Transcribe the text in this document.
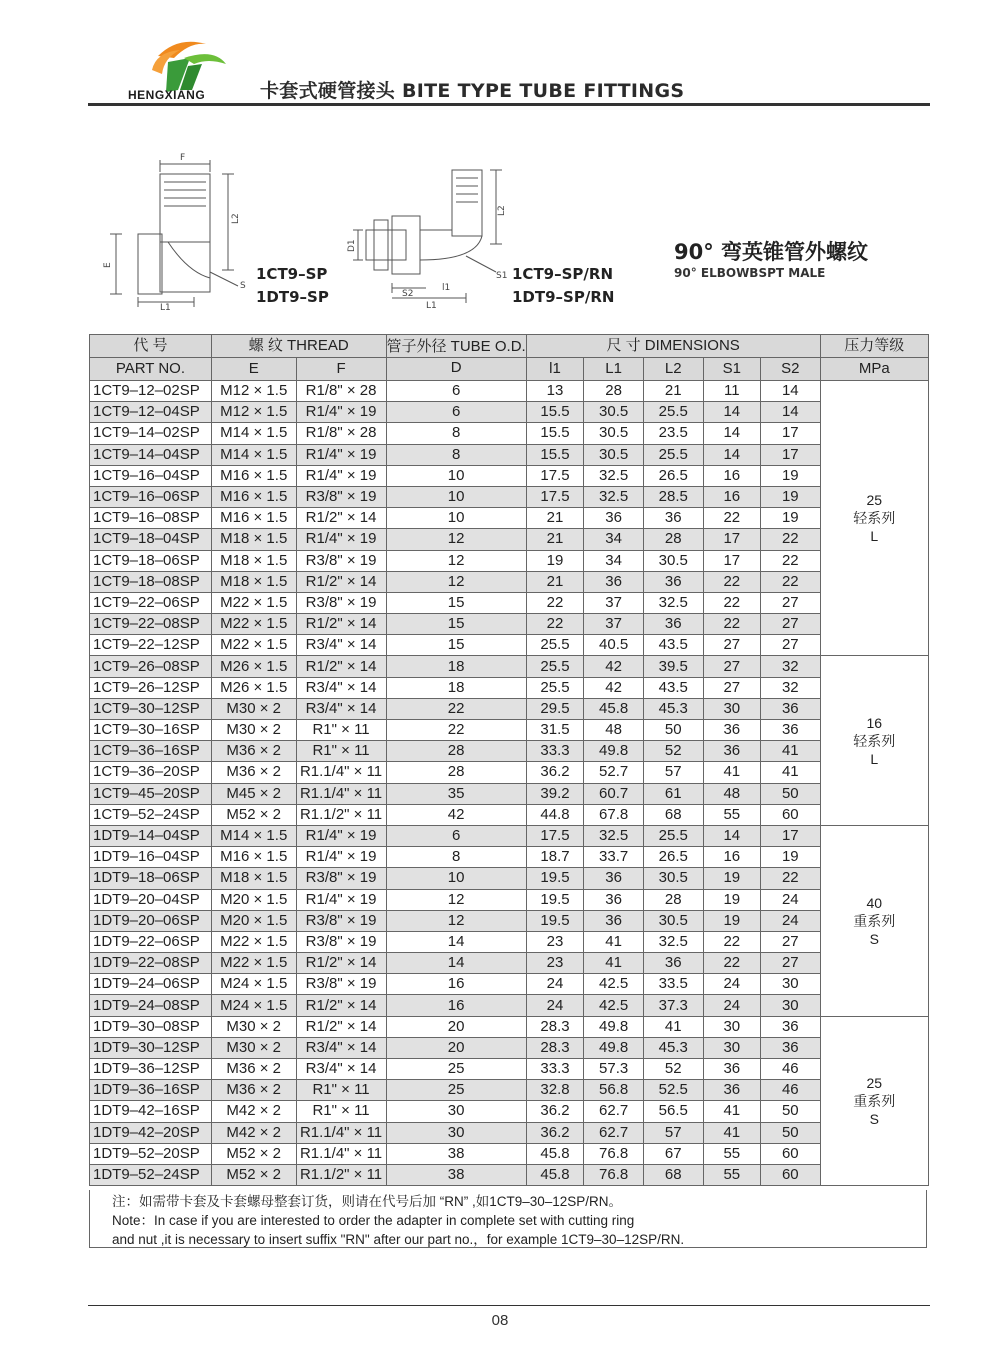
HENGXIANG	卡套式硬管接头 BITE TYPE TUBE FITTINGS
F
L2
E
S
L1
1CT9–SP
1DT9–SP
L2
D1
S2
l1
L1
S1 1CT9–SP/RN
1DT9–SP/RN
90° 弯英锥管外螺纹
90° ELBOWBSPT MALE
代 号	螺 纹 THREAD		管子外径 TUBE O.D.
D	尺 寸 DIMENSIONS					压力等级
PART NO.	E	F		l1	L1	L2	S1	S2	MPa
1CT9–12–02SP	M12 × 1.5	R1/8" × 28	6	13	28	21	11	14	25
轻系列
L

1CT9–12–04SP	M12 × 1.5	R1/4" × 19	6	15.5	30.5	25.5	14	14	
1CT9–14–02SP	M14 × 1.5	R1/8" × 28	8	15.5	30.5	23.5	14	17	
1CT9–14–04SP	M14 × 1.5	R1/4" × 19	8	15.5	30.5	25.5	14	17	
1CT9–16–04SP	M16 × 1.5	R1/4" × 19	10	17.5	32.5	26.5	16	19	
1CT9–16–06SP	M16 × 1.5	R3/8" × 19	10	17.5	32.5	28.5	16	19	
1CT9–16–08SP	M16 × 1.5	R1/2" × 14	10	21	36	36	22	19	
1CT9–18–04SP	M18 × 1.5	R1/4" × 19	12	21	34	28	17	22	
1CT9–18–06SP	M18 × 1.5	R3/8" × 19	12	19	34	30.5	17	22	
1CT9–18–08SP	M18 × 1.5	R1/2" × 14	12	21	36	36	22	22	
1CT9–22–06SP	M22 × 1.5	R3/8" × 19	15	22	37	32.5	22	27	
1CT9–22–08SP	M22 × 1.5	R1/2" × 14	15	22	37	36	22	27	
1CT9–22–12SP	M22 × 1.5	R3/4" × 14	15	25.5	40.5	43.5	27	27	
1CT9–26–08SP	M26 × 1.5	R1/2" × 14	18	25.5	42	39.5	27	32	16
轻系列
L

1CT9–26–12SP	M26 × 1.5	R3/4" × 14	18	25.5	42	43.5	27	32	
1CT9–30–12SP	M30 × 2	R3/4" × 14	22	29.5	45.8	45.3	30	36	
1CT9–30–16SP	M30 × 2	R1" × 11	22	31.5	48	50	36	36	
1CT9–36–16SP	M36 × 2	R1" × 11	28	33.3	49.8	52	36	41	
1CT9–36–20SP	M36 × 2	R1.1/4" × 11	28	36.2	52.7	57	41	41	
1CT9–45–20SP	M45 × 2	R1.1/4" × 11	35	39.2	60.7	61	48	50	
1CT9–52–24SP	M52 × 2	R1.1/2" × 11	42	44.8	67.8	68	55	60	
1DT9–14–04SP	M14 × 1.5	R1/4" × 19	6	17.5	32.5	25.5	14	17	40
重系列
S

1DT9–16–04SP	M16 × 1.5	R1/4" × 19	8	18.7	33.7	26.5	16	19	
1DT9–18–06SP	M18 × 1.5	R3/8" × 19	10	19.5	36	30.5	19	22	
1DT9–20–04SP	M20 × 1.5	R1/4" × 19	12	19.5	36	28	19	24	
1DT9–20–06SP	M20 × 1.5	R3/8" × 19	12	19.5	36	30.5	19	24	
1DT9–22–06SP	M22 × 1.5	R3/8" × 19	14	23	41	32.5	22	27	
1DT9–22–08SP	M22 × 1.5	R1/2" × 14	14	23	41	36	22	27	
1DT9–24–06SP	M24 × 1.5	R3/8" × 19	16	24	42.5	33.5	24	30	
1DT9–24–08SP	M24 × 1.5	R1/2" × 14	16	24	42.5	37.3	24	30	
1DT9–30–08SP	M30 × 2	R1/2" × 14	20	28.3	49.8	41	30	36	25
重系列
S

1DT9–30–12SP	M30 × 2	R3/4" × 14	20	28.3	49.8	45.3	30	36	
1DT9–36–12SP	M36 × 2	R3/4" × 14	25	33.3	57.3	52	36	46	
1DT9–36–16SP	M36 × 2	R1" × 11	25	32.8	56.8	52.5	36	46	
1DT9–42–16SP	M42 × 2	R1" × 11	30	36.2	62.7	56.5	41	50	
1DT9–42–20SP	M42 × 2	R1.1/4" × 11	30	36.2	62.7	57	41	50	
1DT9–52–20SP	M52 × 2	R1.1/4" × 11	38	45.8	76.8	67	55	60	
1DT9–52–24SP	M52 × 2	R1.1/2" × 11	38	45.8	76.8	68	55	60	
注：如需带卡套及卡套螺母整套订货，则请在代号后加 “RN” ,如1CT9–30–12SP/RN。
Note：In case if you are interested to order the adapter in complete set with cutting ring
and nut ,it is necessary to insert suffix "RN" after our part no.，for example 1CT9–30–12SP/RN.
08
